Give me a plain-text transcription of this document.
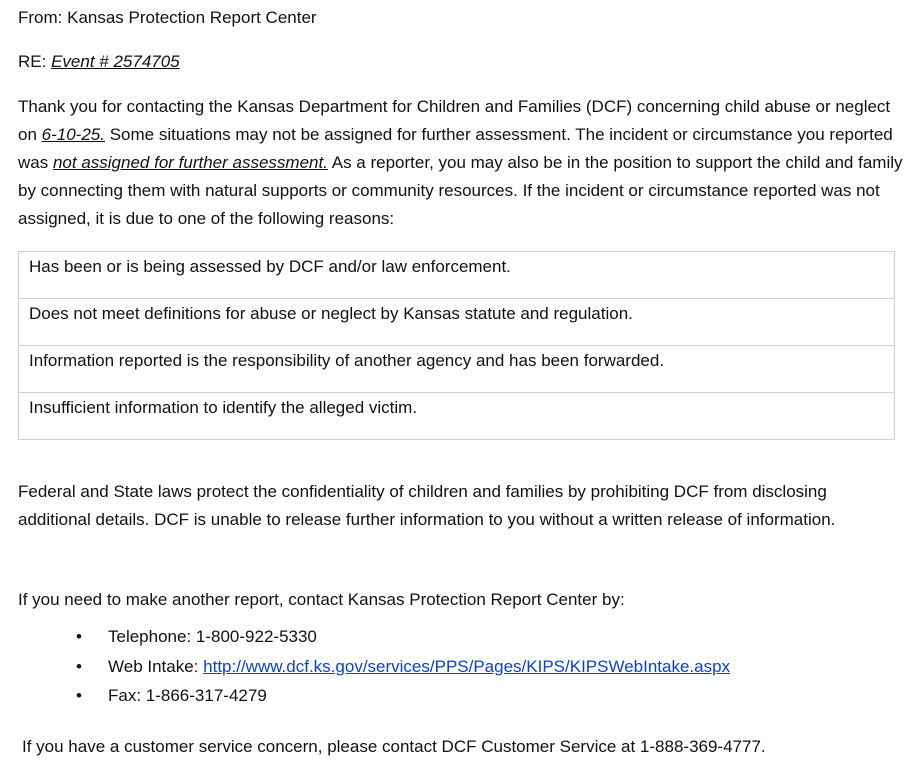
From: Kansas Protection Report Center
RE: Event # 2574705
Thank you for contacting the Kansas Department for Children and Families (DCF) concerning child abuse or neglect on 6-10-25. Some situations may not be assigned for further assessment. The incident or circumstance you reported was not assigned for further assessment. As a reporter, you may also be in the position to support the child and family by connecting them with natural supports or community resources. If the incident or circumstance reported was not assigned, it is due to one of the following reasons:
Has been or is being assessed by DCF and/or law enforcement.
Does not meet definitions for abuse or neglect by Kansas statute and regulation.
Information reported is the responsibility of another agency and has been forwarded.
Insufficient information to identify the alleged victim.
Federal and State laws protect the confidentiality of children and families by prohibiting DCF from disclosing additional details. DCF is unable to release further information to you without a written release of information.
If you need to make another report, contact Kansas Protection Report Center by:
• Telephone: 1-800-922-5330
• Web Intake: http://www.dcf.ks.gov/services/PPS/Pages/KIPS/KIPSWebIntake.aspx
• Fax: 1-866-317-4279
If you have a customer service concern, please contact DCF Customer Service at 1-888-369-4777.
